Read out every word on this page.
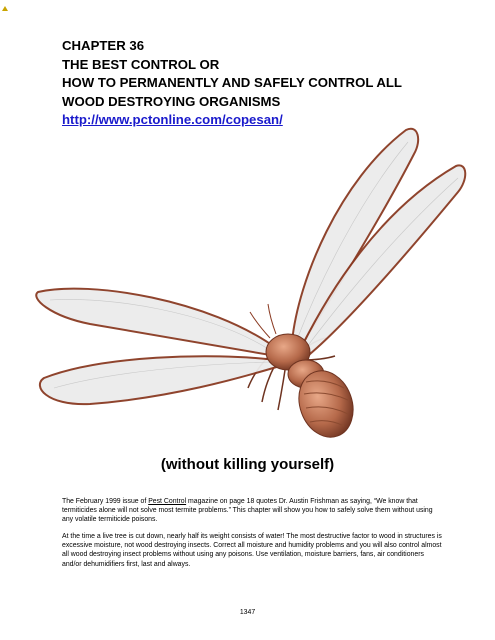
CHAPTER 36
THE BEST CONTROL OR
HOW TO PERMANENTLY AND SAFELY CONTROL ALL
WOOD DESTROYING ORGANISMS
http://www.pctonline.com/copesan/
(without killing yourself)

The February 1999 issue of Pest Control magazine on page 18 quotes Dr. Austin Frishman as saying, “We know that termiticides alone will not solve most termite problems.” This chapter will show you how to safely solve them without using any volatile termiticide poisons.

At the time a live tree is cut down, nearly half its weight consists of water! The most destructive factor to wood in structures is excessive moisture, not wood destroying insects. Correct all moisture and humidity problems and you will also control almost all wood destroying insect problems without using any poisons. Use ventilation, moisture barriers, fans, air conditioners and/or dehumidifiers first, last and always.

1347
